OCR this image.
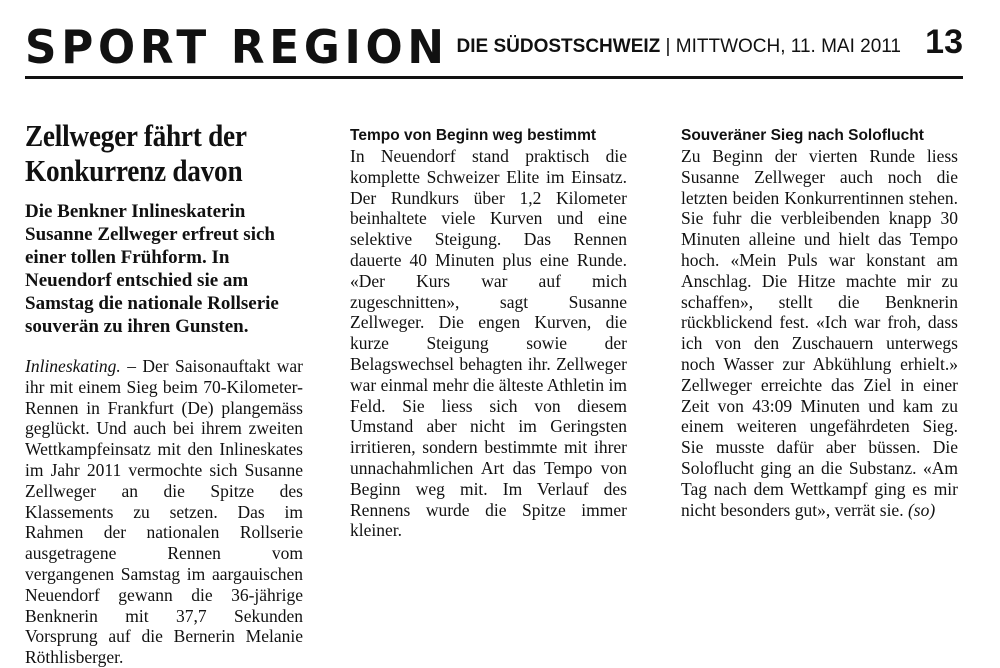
SPORT REGION DIE SÜDOSTSCHWEIZ | MITTWOCH, 11. MAI 2011 13
Zellweger fährt der Konkurrenz davon

Die Benkner Inlineskaterin Susanne Zellweger erfreut sich einer tollen Frühform. In Neuendorf entschied sie am Samstag die nationale Rollserie souverän zu ihren Gunsten.

Inlineskating. – Der Saisonauftakt war ihr mit einem Sieg beim 70-Kilometer-Rennen in Frankfurt (De) plangemäss geglückt. Und auch bei ihrem zweiten Wettkampfeinsatz mit den Inlineskates im Jahr 2011 vermochte sich Susanne Zellweger an die Spitze des Klassements zu setzen. Das im Rahmen der nationalen Rollserie ausgetragene Rennen vom vergangenen Samstag im aargauischen Neuendorf gewann die 36-jährige Benknerin mit 37,7 Sekunden Vorsprung auf die Bernerin Melanie Röthlisberger.

Tempo von Beginn weg bestimmt

In Neuendorf stand praktisch die komplette Schweizer Elite im Einsatz. Der Rundkurs über 1,2 Kilometer beinhaltete viele Kurven und eine selektive Steigung. Das Rennen dauerte 40 Minuten plus eine Runde. «Der Kurs war auf mich zugeschnitten», sagt Susanne Zellweger. Die engen Kurven, die kurze Steigung sowie der Belagswechsel behagten ihr. Zellweger war einmal mehr die älteste Athletin im Feld. Sie liess sich von diesem Umstand aber nicht im Geringsten irritieren, sondern bestimmte mit ihrer unnachahmlichen Art das Tempo von Beginn weg mit. Im Verlauf des Rennens wurde die Spitze immer kleiner.

Souveräner Sieg nach Soloflucht

Zu Beginn der vierten Runde liess Susanne Zellweger auch noch die letzten beiden Konkurrentinnen stehen. Sie fuhr die verbleibenden knapp 30 Minuten alleine und hielt das Tempo hoch. «Mein Puls war konstant am Anschlag. Die Hitze machte mir zu schaffen», stellt die Benknerin rückblickend fest. «Ich war froh, dass ich von den Zuschauern unterwegs noch Wasser zur Abkühlung erhielt.» Zellweger erreichte das Ziel in einer Zeit von 43:09 Minuten und kam zu einem weiteren ungefährdeten Sieg. Sie musste dafür aber büssen. Die Soloflucht ging an die Substanz. «Am Tag nach dem Wettkampf ging es mir nicht besonders gut», verrät sie. (so)
